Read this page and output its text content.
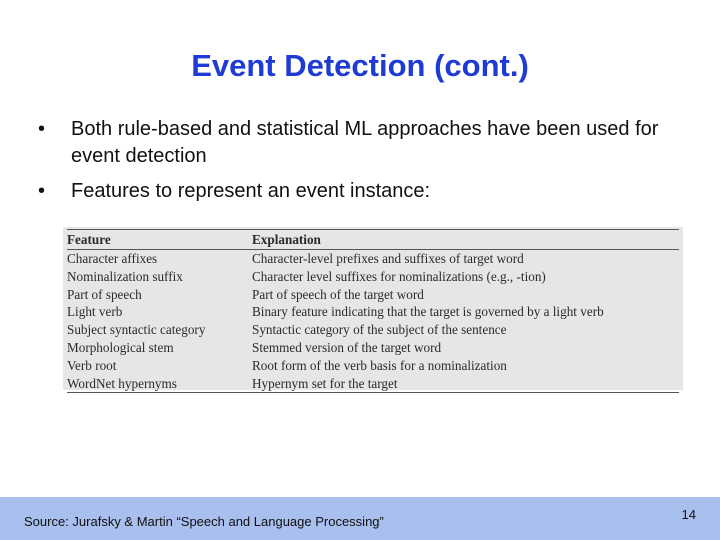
Event Detection (cont.)
•	Both rule-based and statistical ML approaches have been used for event detection
•	Features to represent an event instance:
Feature	Explanation
Character affixes	Character-level prefixes and suffixes of target word
Nominalization suffix	Character level suffixes for nominalizations (e.g., -tion)
Part of speech	Part of speech of the target word
Light verb	Binary feature indicating that the target is governed by a light verb
Subject syntactic category	Syntactic category of the subject of the sentence
Morphological stem	Stemmed version of the target word
Verb root	Root form of the verb basis for a nominalization
WordNet hypernyms	Hypernym set for the target
Source: Jurafsky & Martin “Speech and Language Processing”	14
